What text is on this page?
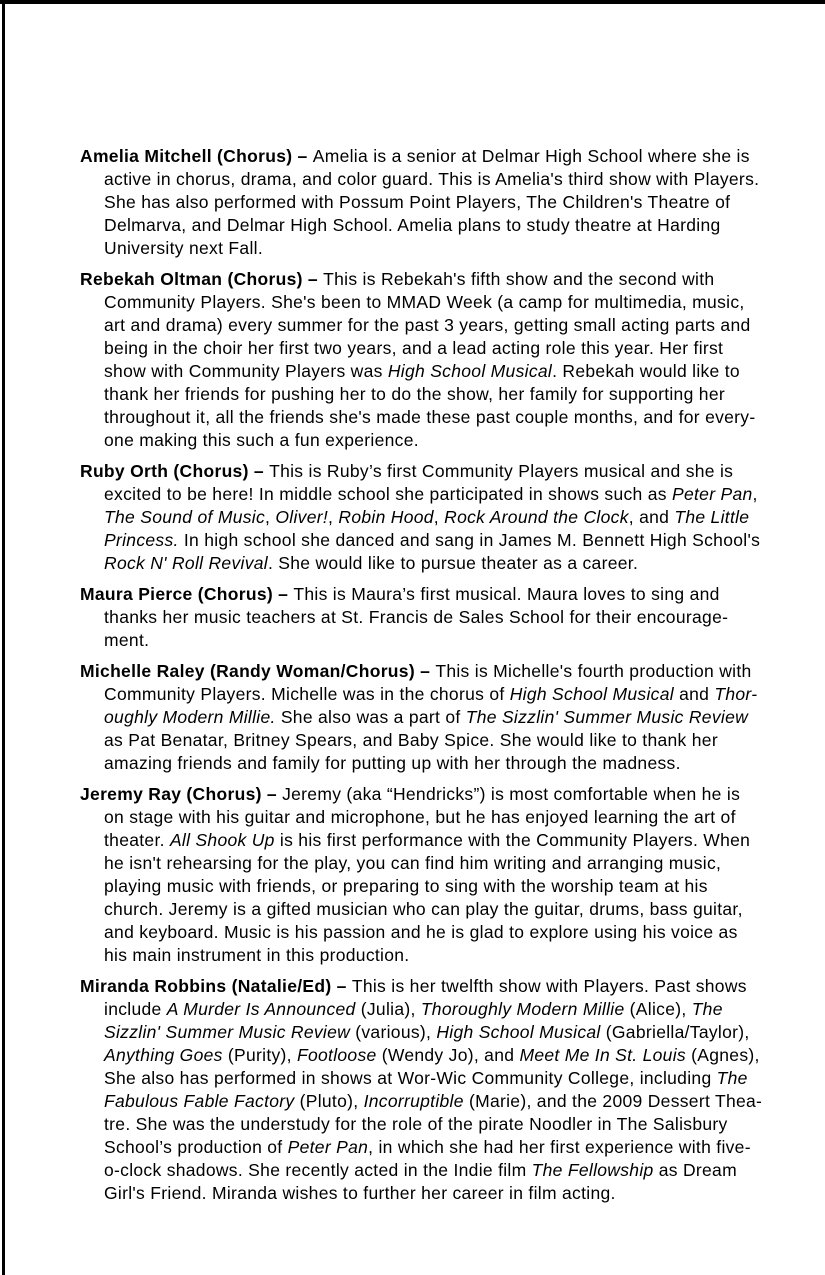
Amelia Mitchell (Chorus) – Amelia is a senior at Delmar High School where she is
active in chorus, drama, and color guard. This is Amelia's third show with Players.
She has also performed with Possum Point Players, The Children's Theatre of
Delmarva, and Delmar High School. Amelia plans to study theatre at Harding
University next Fall.
Rebekah Oltman (Chorus) – This is Rebekah's fifth show and the second with
Community Players. She's been to MMAD Week (a camp for multimedia, music,
art and drama) every summer for the past 3 years, getting small acting parts and
being in the choir her first two years, and a lead acting role this year. Her first
show with Community Players was High School Musical. Rebekah would like to
thank her friends for pushing her to do the show, her family for supporting her
throughout it, all the friends she's made these past couple months, and for every-
one making this such a fun experience.
Ruby Orth (Chorus) – This is Ruby’s first Community Players musical and she is
excited to be here! In middle school she participated in shows such as Peter Pan,
The Sound of Music, Oliver!, Robin Hood, Rock Around the Clock, and The Little
Princess. In high school she danced and sang in James M. Bennett High School's
Rock N' Roll Revival. She would like to pursue theater as a career.
Maura Pierce (Chorus) – This is Maura’s first musical. Maura loves to sing and
thanks her music teachers at St. Francis de Sales School for their encourage-
ment.
Michelle Raley (Randy Woman/Chorus) – This is Michelle's fourth production with
Community Players. Michelle was in the chorus of High School Musical and Thor-
oughly Modern Millie. She also was a part of The Sizzlin' Summer Music Review
as Pat Benatar, Britney Spears, and Baby Spice. She would like to thank her
amazing friends and family for putting up with her through the madness.
Jeremy Ray (Chorus) – Jeremy (aka “Hendricks”) is most comfortable when he is
on stage with his guitar and microphone, but he has enjoyed learning the art of
theater. All Shook Up is his first performance with the Community Players. When
he isn't rehearsing for the play, you can find him writing and arranging music,
playing music with friends, or preparing to sing with the worship team at his
church. Jeremy is a gifted musician who can play the guitar, drums, bass guitar,
and keyboard. Music is his passion and he is glad to explore using his voice as
his main instrument in this production.
Miranda Robbins (Natalie/Ed) – This is her twelfth show with Players. Past shows
include A Murder Is Announced (Julia), Thoroughly Modern Millie (Alice), The
Sizzlin' Summer Music Review (various), High School Musical (Gabriella/Taylor),
Anything Goes (Purity), Footloose (Wendy Jo), and Meet Me In St. Louis (Agnes),
She also has performed in shows at Wor-Wic Community College, including The
Fabulous Fable Factory (Pluto), Incorruptible (Marie), and the 2009 Dessert Thea-
tre. She was the understudy for the role of the pirate Noodler in The Salisbury
School’s production of Peter Pan, in which she had her first experience with five-
o-clock shadows. She recently acted in the Indie film The Fellowship as Dream
Girl's Friend. Miranda wishes to further her career in film acting.
